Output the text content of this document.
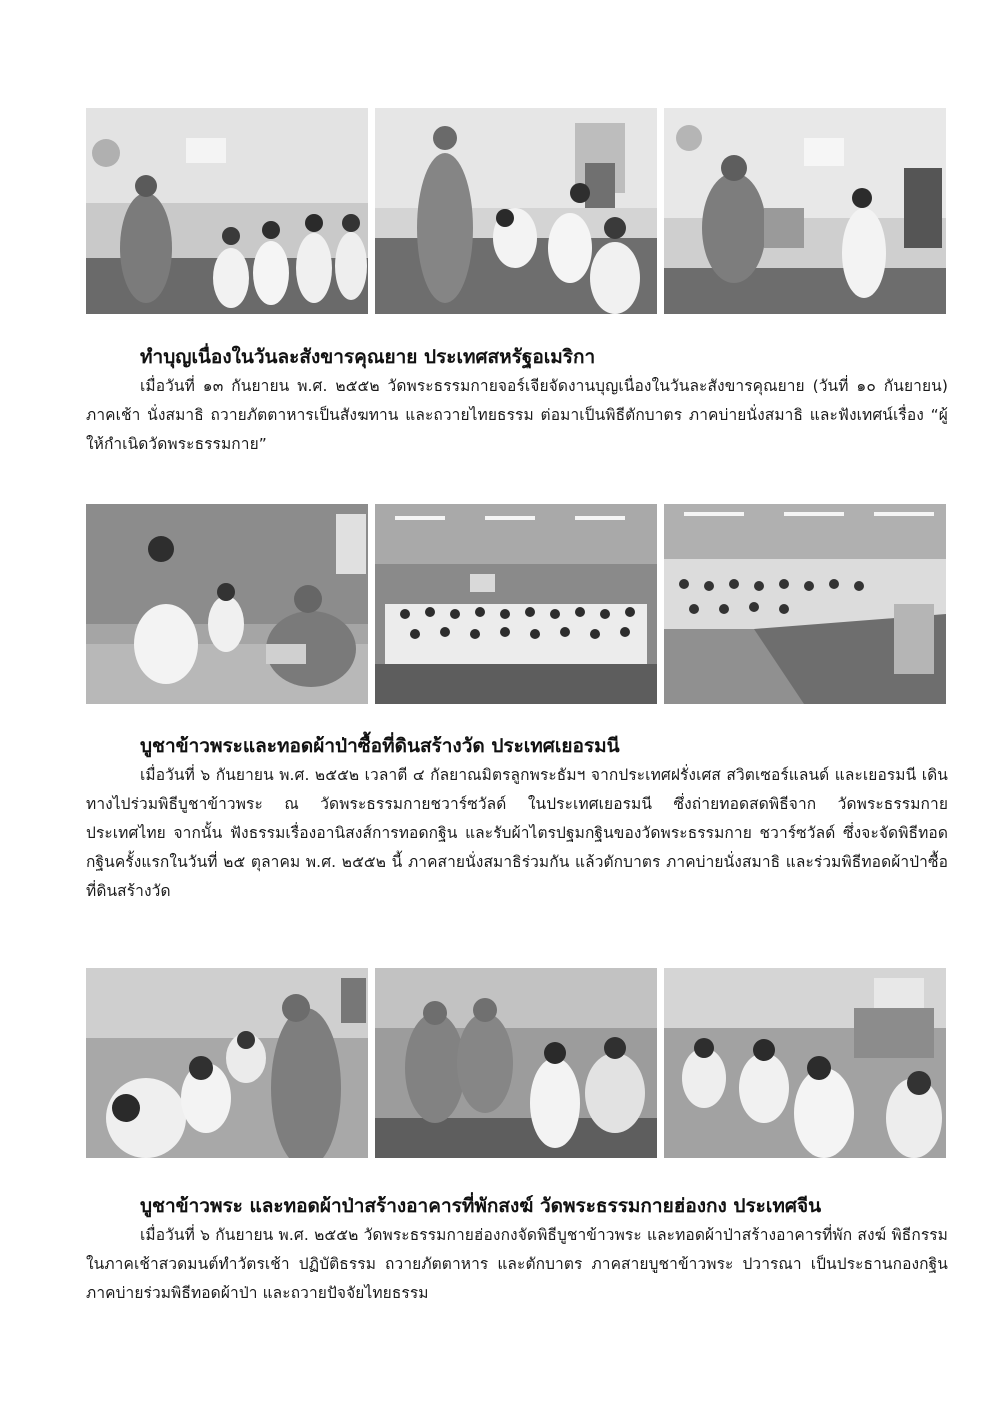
ทำบุญเนื่องในวันละสังขารคุณยาย ประเทศสหรัฐอเมริกา

เมื่อวันที่ ๑๓ กันยายน พ.ศ. ๒๕๕๒ วัดพระธรรมกายจอร์เจียจัดงานบุญเนื่องในวันละสังขารคุณยาย (วันที่ ๑๐ กันยายน) ภาคเช้า นั่งสมาธิ ถวายภัตตาหารเป็นสังฆทาน และถวายไทยธรรม ต่อมาเป็นพิธีตักบาตร ภาคบ่ายนั่งสมาธิ และฟังเทศน์เรื่อง “ผู้ให้กำเนิดวัดพระธรรมกาย”

บูชาข้าวพระและทอดผ้าป่าซื้อที่ดินสร้างวัด ประเทศเยอรมนี

เมื่อวันที่ ๖ กันยายน พ.ศ. ๒๕๕๒ เวลาตี ๔ กัลยาณมิตรลูกพระธัมฯ จากประเทศฝรั่งเศส สวิตเซอร์แลนด์ และเยอรมนี เดินทางไปร่วมพิธีบูชาข้าวพระ ณ วัดพระธรรมกายชวาร์ซวัลด์ ในประเทศเยอรมนี ซึ่งถ่ายทอดสดพิธีจาก วัดพระธรรมกาย ประเทศไทย จากนั้น ฟังธรรมเรื่องอานิสงส์การทอดกฐิน และรับผ้าไตรปฐมกฐินของวัดพระธรรมกาย ชวาร์ซวัลด์ ซึ่งจะจัดพิธีทอดกฐินครั้งแรกในวันที่ ๒๕ ตุลาคม พ.ศ. ๒๕๕๒ นี้ ภาคสายนั่งสมาธิร่วมกัน แล้วตักบาตร ภาคบ่ายนั่งสมาธิ และร่วมพิธีทอดผ้าป่าซื้อที่ดินสร้างวัด

บูชาข้าวพระ และทอดผ้าป่าสร้างอาคารที่พักสงฆ์ วัดพระธรรมกายฮ่องกง ประเทศจีน

เมื่อวันที่ ๖ กันยายน พ.ศ. ๒๕๕๒ วัดพระธรรมกายฮ่องกงจัดพิธีบูชาข้าวพระ และทอดผ้าป่าสร้างอาคารที่พัก สงฆ์ พิธีกรรมในภาคเช้าสวดมนต์ทำวัตรเช้า ปฏิบัติธรรม ถวายภัตตาหาร และตักบาตร ภาคสายบูชาข้าวพระ ปวารณา เป็นประธานกองกฐิน ภาคบ่ายร่วมพิธีทอดผ้าป่า และถวายปัจจัยไทยธรรม
